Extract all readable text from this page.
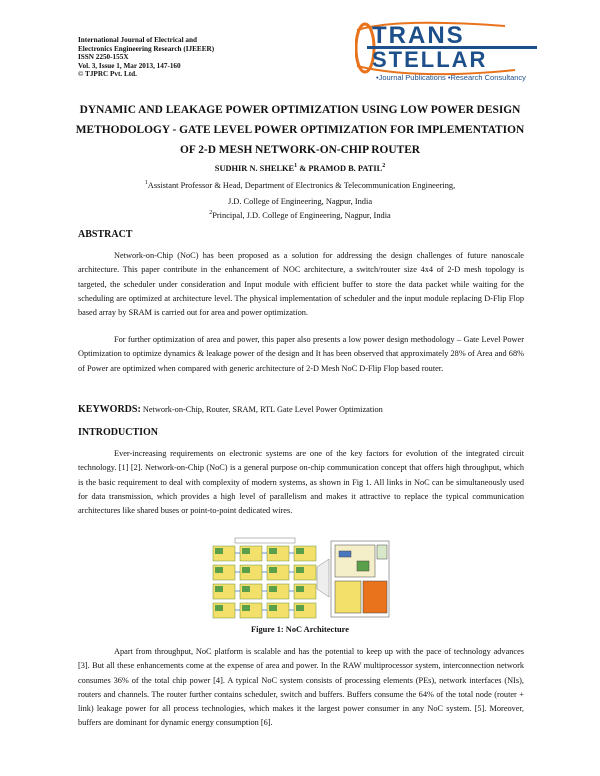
International Journal of Electrical and
Electronics Engineering Research (IJEEER)
ISSN 2250-155X
Vol. 3, Issue 1, Mar 2013, 147-160
© TJPRC Pvt. Ltd.
TRANS
STELLAR
•Journal Publications •Research Consultancy
DYNAMIC AND LEAKAGE POWER OPTIMIZATION USING LOW POWER DESIGN
METHODOLOGY - GATE LEVEL POWER OPTIMIZATION FOR IMPLEMENTATION
OF 2-D MESH NETWORK-ON-CHIP ROUTER
SUDHIR N. SHELKE$^1$ & PRAMOD B. PATIL$^2$
$^1$Assistant Professor & Head, Department of Electronics & Telecommunication Engineering,
J.D. College of Engineering, Nagpur, India
$^2$Principal, J.D. College of Engineering, Nagpur, India
ABSTRACT

Network-on-Chip (NoC) has been proposed as a solution for addressing the design challenges of future nanoscale architecture. This paper contribute in the enhancement of NOC architecture, a switch/router size 4x4 of 2-D mesh topology is targeted, the scheduler under consideration and Input module with efficient buffer to store the data packet while waiting for the scheduling are optimized at architecture level. The physical implementation of scheduler and the input module replacing D-Flip Flop based array by SRAM is carried out for area and power optimization.

For further optimization of area and power, this paper also presents a low power design methodology – Gate Level Power Optimization to optimize dynamics & leakage power of the design and It has been observed that approximately 28% of Area and 68% of Power are optimized when compared with generic architecture of 2-D Mesh NoC D-Flip Flop based router.

KEYWORDS: Network-on-Chip, Router, SRAM, RTL Gate Level Power Optimization
INTRODUCTION

Ever-increasing requirements on electronic systems are one of the key factors for evolution of the integrated circuit technology. [1] [2]. Network-on-Chip (NoC) is a general purpose on-chip communication concept that offers high throughput, which is the basic requirement to deal with complexity of modern systems, as shown in Fig 1. All links in NoC can be simultaneously used for data transmission, which provides a high level of parallelism and makes it attractive to replace the typical communication architectures like shared buses or point-to-point dedicated wires.

Figure 1: NoC Architecture

Apart from throughput, NoC platform is scalable and has the potential to keep up with the pace of technology advances [3]. But all these enhancements come at the expense of area and power. In the RAW multiprocessor system, interconnection network consumes 36% of the total chip power [4]. A typical NoC system consists of processing elements (PEs), network interfaces (NIs), routers and channels. The router further contains scheduler, switch and buffers. Buffers consume the 64% of the total node (router + link) leakage power for all process technologies, which makes it the largest power consumer in any NoC system. [5]. Moreover, buffers are dominant for dynamic energy consumption [6].
